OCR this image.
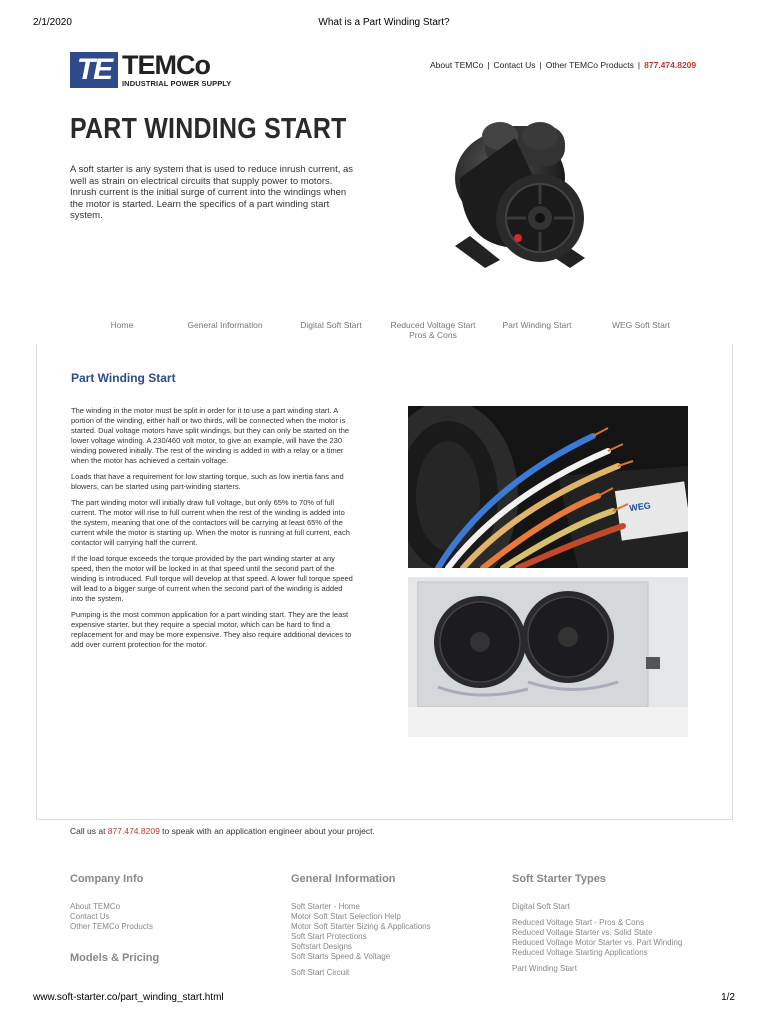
2/1/2020	What is a Part Winding Start?
TE TEMCo
INDUSTRIAL POWER SUPPLY
About TEMCo | Contact Us | Other TEMCo Products | 877.474.8209
PART WINDING START

A soft starter is any system that is used to reduce inrush current, as well as strain on electrical circuits that supply power to motors. Inrush current is the initial surge of current into the windings when the motor is started. Learn the specifics of a part winding start system.

Home	General Information	Digital Soft Start	Reduced Voltage Start
Pros & Cons
Part Winding Start	WEG Soft Start
Part Winding Start

The winding in the motor must be split in order for it to use a part winding start. A portion of the winding, either half or two thirds, will be connected when the motor is started. Dual voltage motors have split windings, but they can only be started on the lower voltage winding. A 230/460 volt motor, to give an example, will have the 230 winding powered initially. The rest of the winding is added in with a relay or a timer when the motor has achieved a certain voltage.

Loads that have a requirement for low starting torque, such as low inertia fans and blowers, can be started using part-winding starters.

The part winding motor will initially draw full voltage, but only 65% to 70% of full current. The motor will rise to full current when the rest of the winding is added into the system, meaning that one of the contactors will be carrying at least 65% of the current while the motor is starting up. When the motor is running at full current, each contactor will carrying half the current.

If the load torque exceeds the torque provided by the part winding starter at any speed, then the motor will be locked in at that speed until the second part of the winding is introduced. Full torque will develop at that speed. A lower full torque speed will lead to a bigger surge of current when the second part of the winding is added into the system.

Pumping is the most common application for a part winding start. They are the least expensive starter, but they require a special motor, which can be hard to find a replacement for and may be more expensive. They also require additional devices to add over current protection for the motor.

WEG

Call us at 877.474.8209 to speak with an application engineer about your project.

Company Info
About TEMCo
Contact Us
Other TEMCo Products
Models & Pricing
General Information
Soft Starter - Home
Motor Soft Start Selection Help
Motor Soft Starter Sizing & Applications
Soft Start Protections
Softstart Designs
Soft Starts Speed & Voltage
Soft Start Circuit
Soft Starter Types
Digital Soft Start
Reduced Voltage Start - Pros & Cons
Reduced Voltage Starter vs. Solid State
Reduced Voltage Motor Starter vs. Part Winding
Reduced Voltage Starting Applications
Part Winding Start
www.soft-starter.co/part_winding_start.html	1/2
